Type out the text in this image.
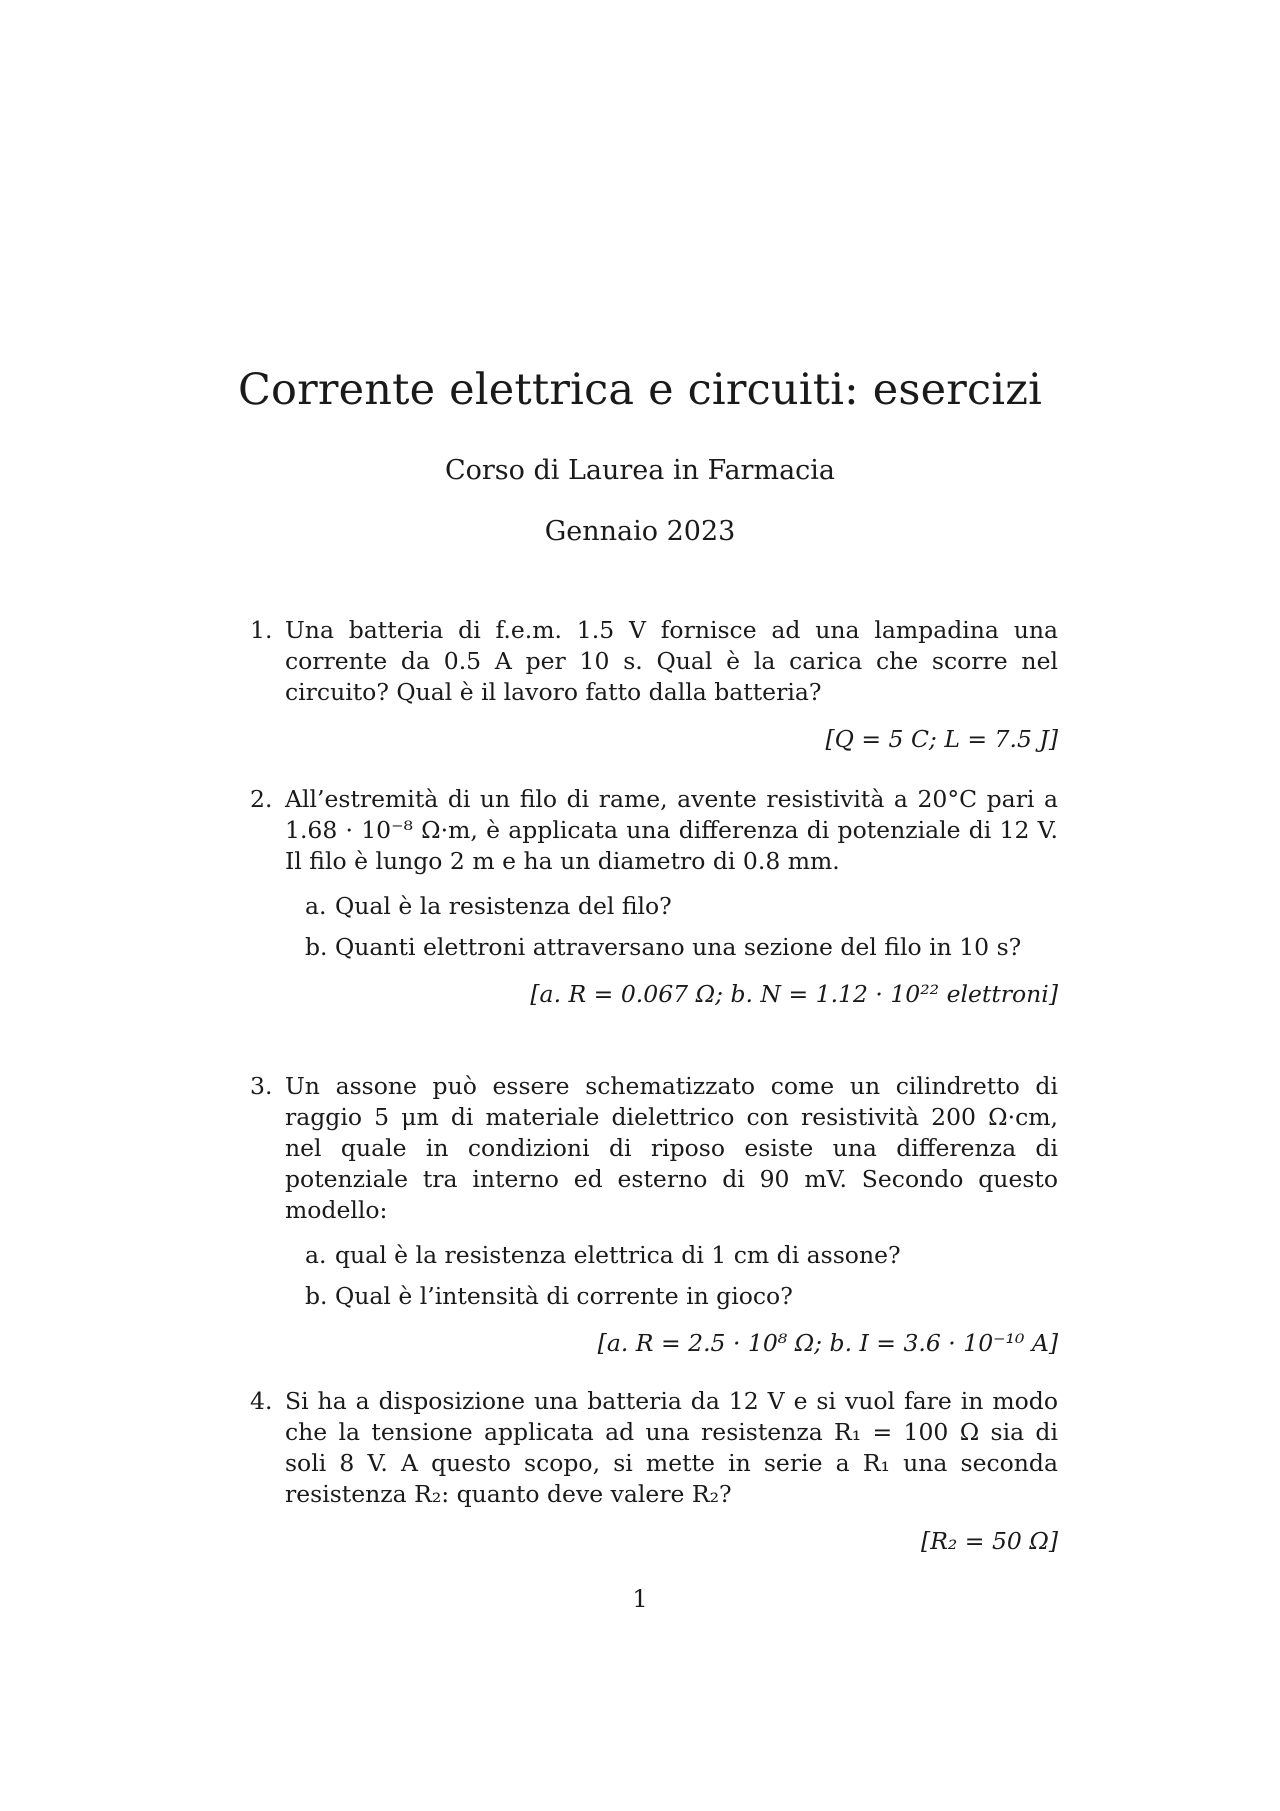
Corrente elettrica e circuiti: esercizi
Corso di Laurea in Farmacia
Gennaio 2023
1. Una batteria di f.e.m. 1.5 V fornisce ad una lampadina una corrente da 0.5 A per 10 s. Qual è la carica che scorre nel circuito? Qual è il lavoro fatto dalla batteria?
[Q = 5 C; L = 7.5 J]
2. All’estremità di un filo di rame, avente resistività a 20°C pari a 1.68 · 10⁻⁸ Ω·m, è applicata una differenza di potenziale di 12 V. Il filo è lungo 2 m e ha un diametro di 0.8 mm.
a. Qual è la resistenza del filo?
b. Quanti elettroni attraversano una sezione del filo in 10 s?
[a. R = 0.067 Ω; b. N = 1.12 · 10²² elettroni]
3. Un assone può essere schematizzato come un cilindretto di raggio 5 μm di materiale dielettrico con resistività 200 Ω·cm, nel quale in condizioni di riposo esiste una differenza di potenziale tra interno ed esterno di 90 mV. Secondo questo modello:
a. qual è la resistenza elettrica di 1 cm di assone?
b. Qual è l’intensità di corrente in gioco?
[a. R = 2.5 · 10⁸ Ω; b. I = 3.6 · 10⁻¹⁰ A]
4. Si ha a disposizione una batteria da 12 V e si vuol fare in modo che la tensione applicata ad una resistenza R₁ = 100 Ω sia di soli 8 V. A questo scopo, si mette in serie a R₁ una seconda resistenza R₂: quanto deve valere R₂?
[R₂ = 50 Ω]
1
